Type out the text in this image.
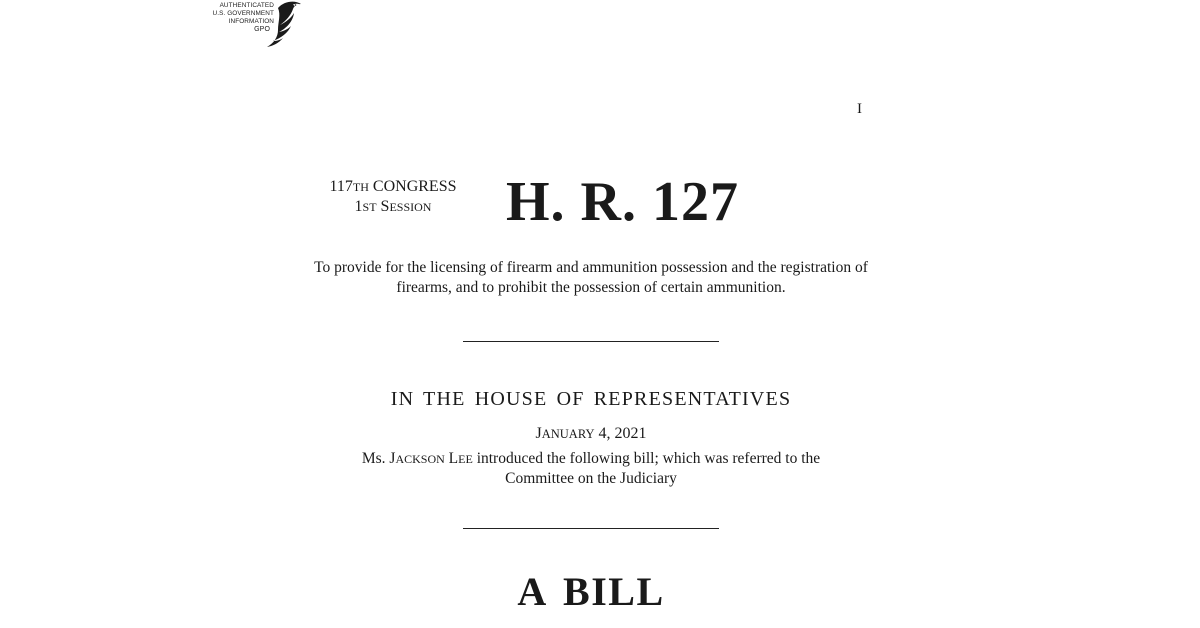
AUTHENTICATED
U.S. GOVERNMENT
INFORMATION
GPO
I
117TH CONGRESS
1ST SESSION	H. R. 127
To provide for the licensing of firearm and ammunition possession and the registration of firearms, and to prohibit the possession of certain ammunition.
IN THE HOUSE OF REPRESENTATIVES
JANUARY 4, 2021
Ms. JACKSON LEE introduced the following bill; which was referred to the
Committee on the Judiciary
A BILL
